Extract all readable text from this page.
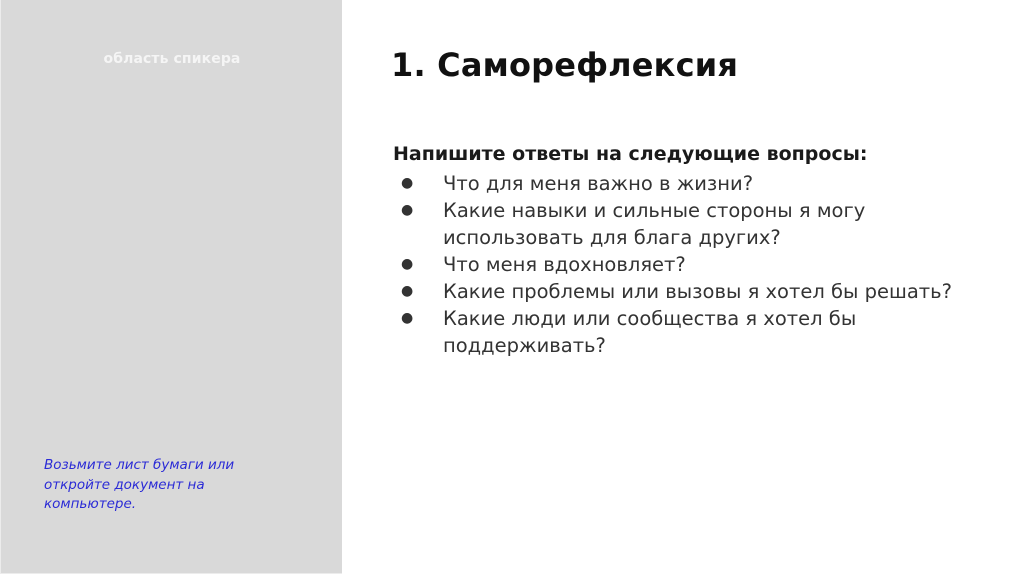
область спикера
Возьмите лист бумаги или откройте документ на компьютере.
1. Саморефлексия
Напишите ответы на следующие вопросы:
● Что для меня важно в жизни?
● Какие навыки и сильные стороны я могу использовать для блага других?
● Что меня вдохновляет?
● Какие проблемы или вызовы я хотел бы решать?
● Какие люди или сообщества я хотел бы поддерживать?
